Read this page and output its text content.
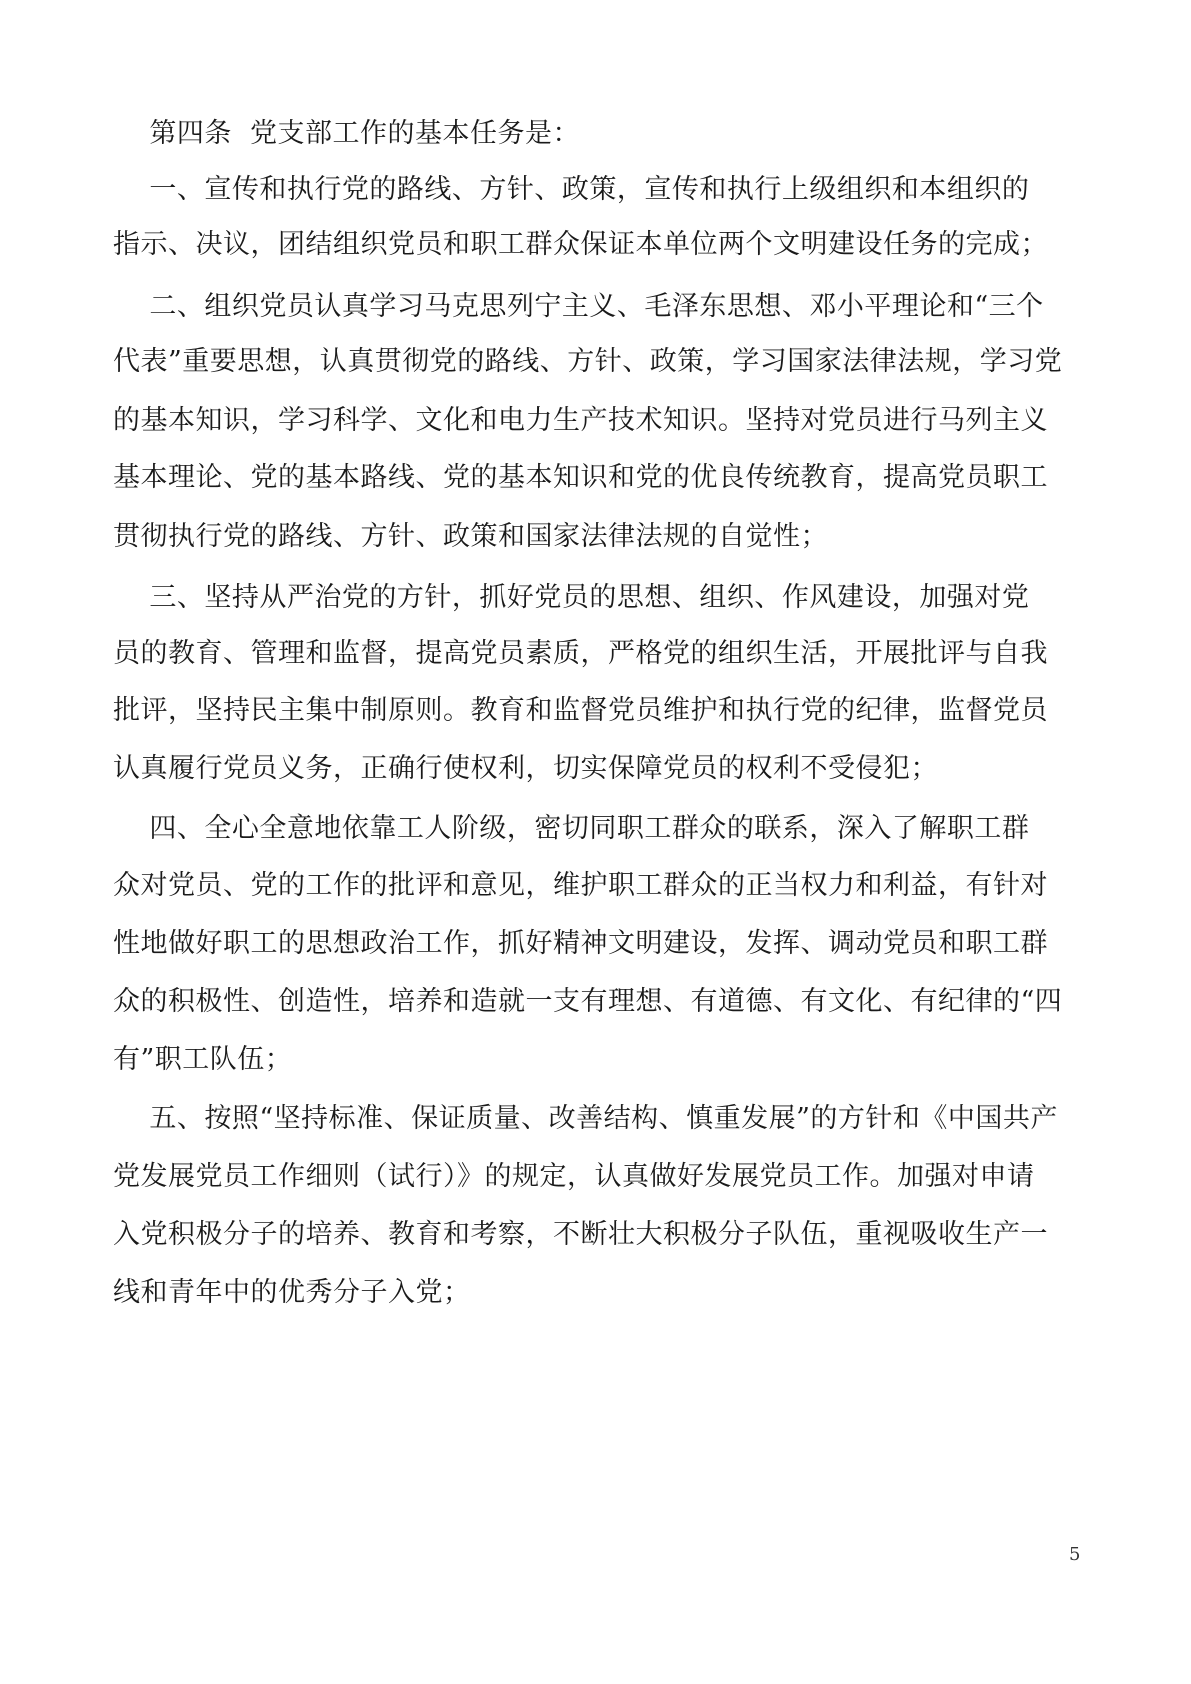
第四条  党支部工作的基本任务是：
一、宣传和执行党的路线、方针、政策，宣传和执行上级组织和本组织的
指示、决议，团结组织党员和职工群众保证本单位两个文明建设任务的完成；
二、组织党员认真学习马克思列宁主义、毛泽东思想、邓小平理论和“三个
代表”重要思想，认真贯彻党的路线、方针、政策，学习国家法律法规，学习党
的基本知识，学习科学、文化和电力生产技术知识。坚持对党员进行马列主义
基本理论、党的基本路线、党的基本知识和党的优良传统教育，提高党员职工
贯彻执行党的路线、方针、政策和国家法律法规的自觉性；
三、坚持从严治党的方针，抓好党员的思想、组织、作风建设，加强对党
员的教育、管理和监督，提高党员素质，严格党的组织生活，开展批评与自我
批评，坚持民主集中制原则。教育和监督党员维护和执行党的纪律，监督党员
认真履行党员义务，正确行使权利，切实保障党员的权利不受侵犯；
四、全心全意地依靠工人阶级，密切同职工群众的联系，深入了解职工群
众对党员、党的工作的批评和意见，维护职工群众的正当权力和利益，有针对
性地做好职工的思想政治工作，抓好精神文明建设，发挥、调动党员和职工群
众的积极性、创造性，培养和造就一支有理想、有道德、有文化、有纪律的“四
有”职工队伍；
五、按照“坚持标准、保证质量、改善结构、慎重发展”的方针和《中国共产
党发展党员工作细则（试行）》的规定，认真做好发展党员工作。加强对申请
入党积极分子的培养、教育和考察，不断壮大积极分子队伍，重视吸收生产一
线和青年中的优秀分子入党；
5
